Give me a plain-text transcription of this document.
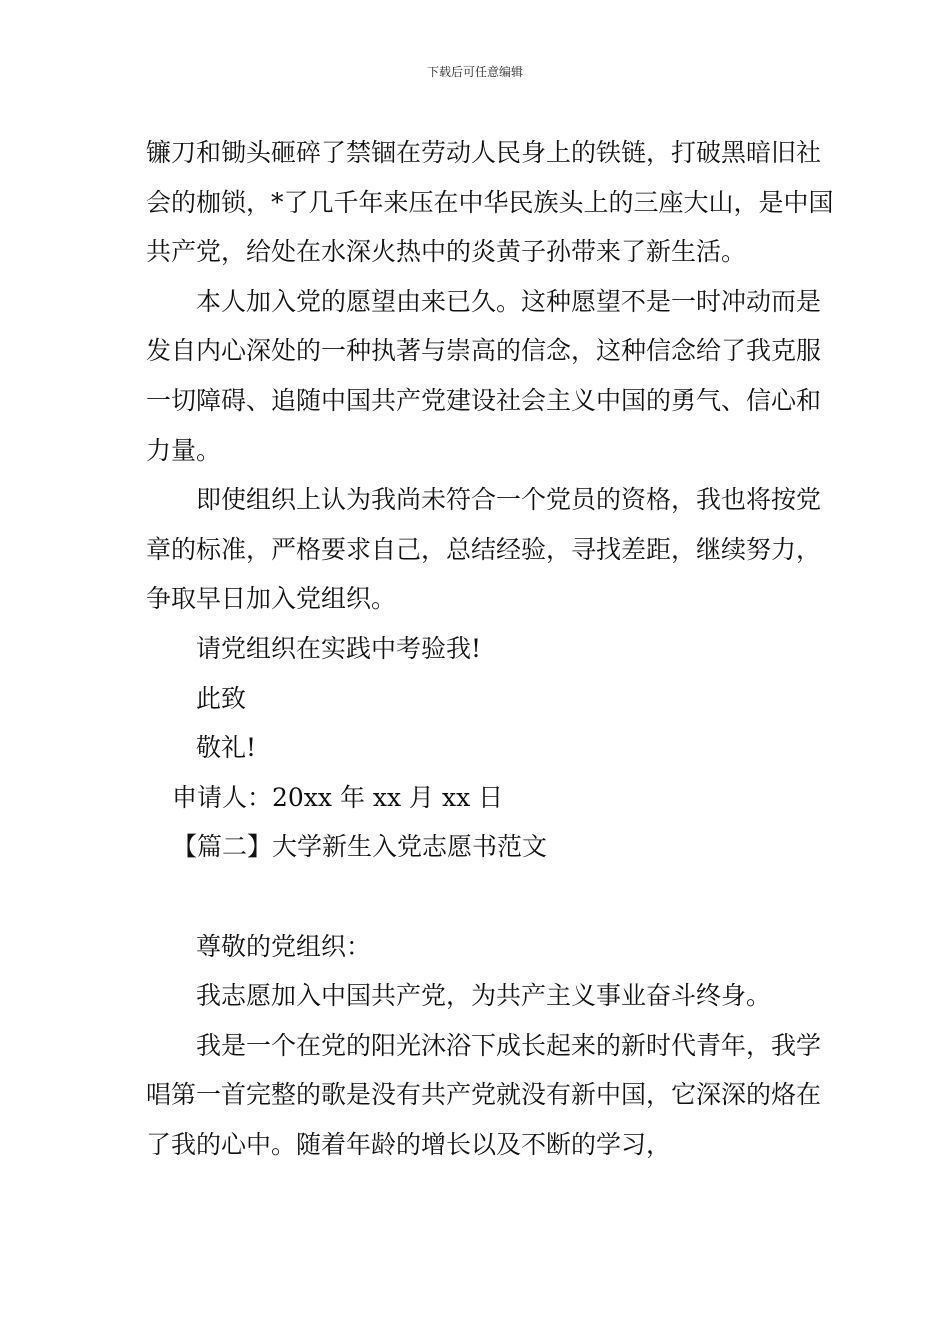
下载后可任意编辑

镰刀和锄头砸碎了禁锢在劳动人民身上的铁链，打破黑暗旧社会的枷锁，*了几千年来压在中华民族头上的三座大山，是中国共产党，给处在水深火热中的炎黄子孙带来了新生活。

本人加入党的愿望由来已久。这种愿望不是一时冲动而是发自内心深处的一种执著与崇高的信念，这种信念给了我克服一切障碍、追随中国共产党建设社会主义中国的勇气、信心和力量。

即使组织上认为我尚未符合一个党员的资格，我也将按党章的标准，严格要求自己，总结经验，寻找差距，继续努力，争取早日加入党组织。

请党组织在实践中考验我!

此致

敬礼!

申请人：20xx 年 xx 月 xx 日

【篇二】大学新生入党志愿书范文

尊敬的党组织：

我志愿加入中国共产党，为共产主义事业奋斗终身。

我是一个在党的阳光沐浴下成长起来的新时代青年，我学唱第一首完整的歌是没有共产党就没有新中国，它深深的烙在了我的心中。随着年龄的增长以及不断的学习，
